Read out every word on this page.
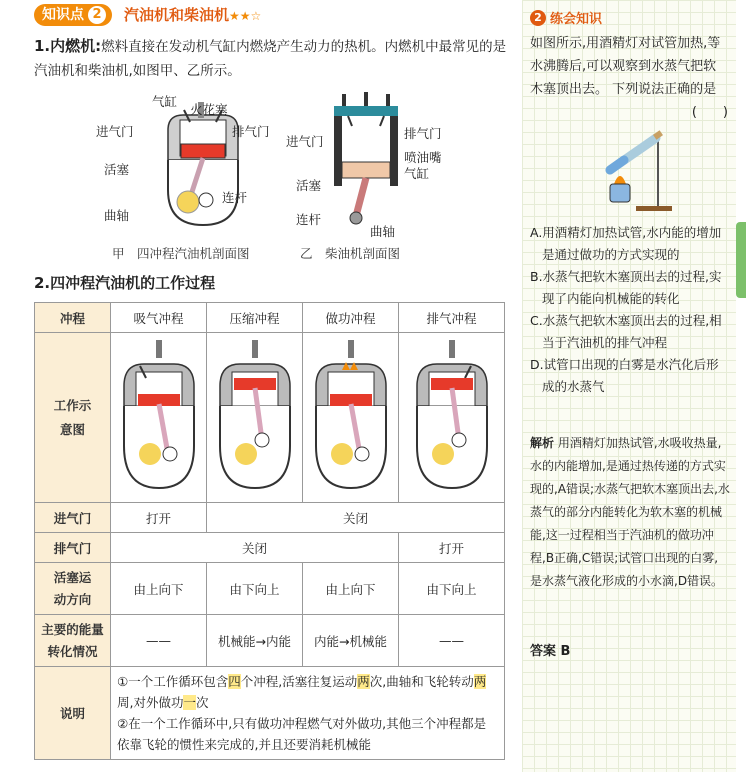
知识点 2 汽油机和柴油机★★☆
1.内燃机:燃料直接在发动机气缸内燃烧产生动力的热机。内燃机中最常见的是汽油机和柴油机,如图甲、乙所示。
气缸
火花塞
进气门	排气门
活塞
连杆
曲轴
甲　四冲程汽油机剖面图
排气门
进气门
喷油嘴
气缸
活塞
连杆
曲轴
乙　柴油机剖面图
2.四冲程汽油机的工作过程
冲程	吸气冲程	压缩冲程	做功冲程	排气冲程

工作示意图

进气门	打开	关闭		
排气门	关闭			打开

活塞运动方向	由上向下	由下向上	由上向下	由下向上

主要的能量转化情况	——	机械能→内能	内能→机械能	——
说明	①一个工作循环包含四个冲程,活塞往复运动两次,曲轴和飞轮转动两周,对外做功一次
②在一个工作循环中,只有做功冲程燃气对外做功,其他三个冲程都是依靠飞轮的惯性来完成的,并且还要消耗机械能			
2 练会知识
如图所示,用酒精灯对试管加热,等水沸腾后,可以观察到水蒸气把软木塞顶出去。 下列说法正确的是
(　　)
A.用酒精灯加热试管,水内能的增加是通过做功的方式实现的
B.水蒸气把软木塞顶出去的过程,实现了内能向机械能的转化
C.水蒸气把软木塞顶出去的过程,相当于汽油机的排气冲程
D.试管口出现的白雾是水汽化后形成的水蒸气
解析 用酒精灯加热试管,水吸收热量,水的内能增加,是通过热传递的方式实现的,A错误;水蒸气把软木塞顶出去,水蒸气的部分内能转化为软木塞的机械能,这一过程相当于汽油机的做功冲程,B正确,C错误;试管口出现的白雾,是水蒸气液化形成的小水滴,D错误。
答案 B
